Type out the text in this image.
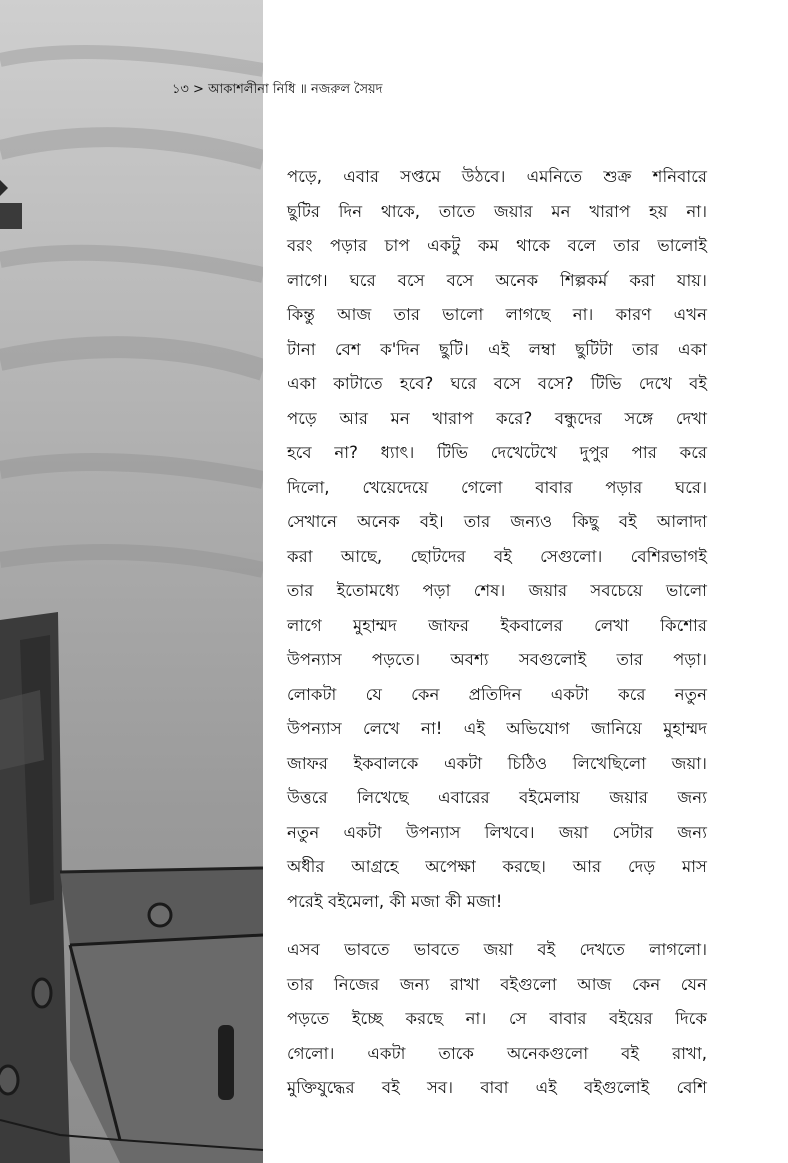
১৩ > আকাশলীনা নিধি ॥ নজরুল সৈয়দ
পড়ে, এবার সপ্তমে উঠবে। এমনিতে শুক্র শনিবারে
ছুটির দিন থাকে, তাতে জয়ার মন খারাপ হয় না।
বরং পড়ার চাপ একটু কম থাকে বলে তার ভালোই
লাগে। ঘরে বসে বসে অনেক শিল্পকর্ম করা যায়।
কিন্তু আজ তার ভালো লাগছে না। কারণ এখন
টানা বেশ ক'দিন ছুটি। এই লম্বা ছুটিটা তার একা
একা কাটাতে হবে? ঘরে বসে বসে? টিভি দেখে বই
পড়ে আর মন খারাপ করে? বন্ধুদের সঙ্গে দেখা
হবে না? ধ্যাৎ। টিভি দেখেটেখে দুপুর পার করে
দিলো, খেয়েদেয়ে গেলো বাবার পড়ার ঘরে।
সেখানে অনেক বই। তার জন্যও কিছু বই আলাদা
করা আছে, ছোটদের বই সেগুলো। বেশিরভাগই
তার ইতোমধ্যে পড়া শেষ। জয়ার সবচেয়ে ভালো
লাগে মুহাম্মদ জাফর ইকবালের লেখা কিশোর
উপন্যাস পড়তে। অবশ্য সবগুলোই তার পড়া।
লোকটা যে কেন প্রতিদিন একটা করে নতুন
উপন্যাস লেখে না! এই অভিযোগ জানিয়ে মুহাম্মদ
জাফর ইকবালকে একটা চিঠিও লিখেছিলো জয়া।
উত্তরে লিখেছে এবারের বইমেলায় জয়ার জন্য
নতুন একটা উপন্যাস লিখবে। জয়া সেটার জন্য
অধীর আগ্রহে অপেক্ষা করছে। আর দেড় মাস
পরেই বইমেলা, কী মজা কী মজা!
এসব ভাবতে ভাবতে জয়া বই দেখতে লাগলো।
তার নিজের জন্য রাখা বইগুলো আজ কেন যেন
পড়তে ইচ্ছে করছে না। সে বাবার বইয়ের দিকে
গেলো। একটা তাকে অনেকগুলো বই রাখা,
মুক্তিযুদ্ধের বই সব। বাবা এই বইগুলোই বেশি
